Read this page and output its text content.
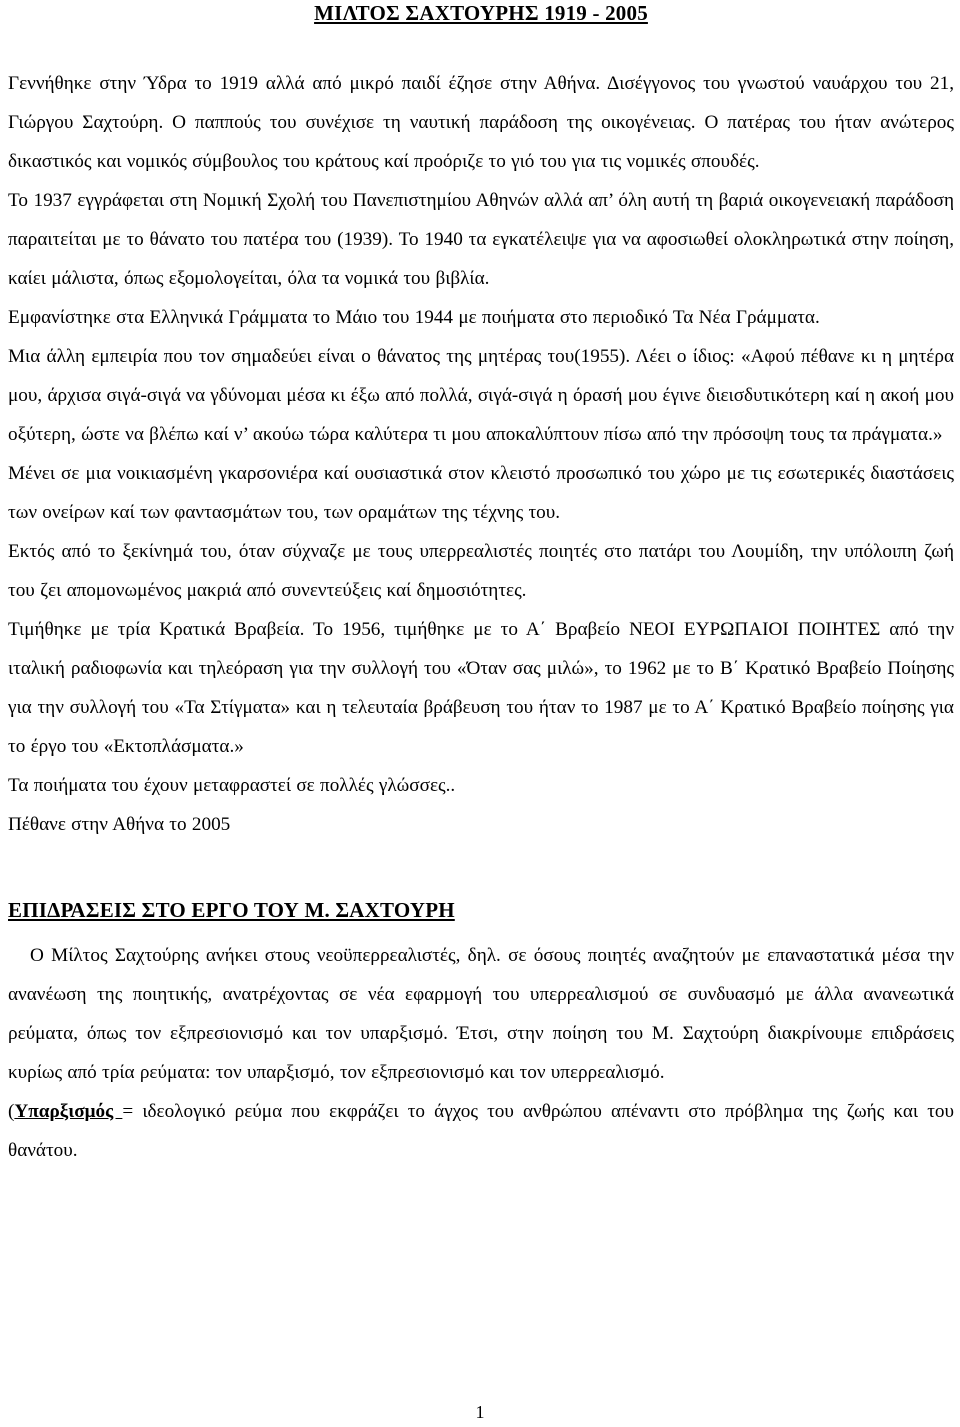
ΜΙΛΤΟΣ ΣΑΧΤΟΥΡΗΣ 1919 - 2005

Γεννήθηκε στην Ύδρα το 1919 αλλά από μικρό παιδί έζησε στην Αθήνα. Δισέγγονος του γνωστού ναυάρχου του 21, Γιώργου Σαχτούρη. Ο παππούς του συνέχισε τη ναυτική παράδοση της οικογένειας. Ο πατέρας του ήταν ανώτερος δικαστικός και νομικός σύμβουλος του κράτους καί προόριζε το γιό του για τις νομικές σπουδές.

Το 1937 εγγράφεται στη Νομική Σχολή του Πανεπιστημίου Αθηνών αλλά απ’ όλη αυτή τη βαριά οικογενειακή παράδοση παραιτείται με το θάνατο του πατέρα του (1939). Το 1940 τα εγκατέλειψε για να αφοσιωθεί ολοκληρωτικά στην ποίηση, καίει μάλιστα, όπως εξομολογείται, όλα τα νομικά του βιβλία.

Εμφανίστηκε στα Ελληνικά Γράμματα το Μάιο του 1944 με ποιήματα στο περιοδικό Τα Νέα Γράμματα.

Μια άλλη εμπειρία που τον σημαδεύει είναι ο θάνατος της μητέρας του(1955). Λέει ο ίδιος: «Αφού πέθανε κι η μητέρα μου, άρχισα σιγά-σιγά να γδύνομαι μέσα κι έξω από πολλά, σιγά-σιγά η όρασή μου έγινε διεισδυτικότερη καί η ακοή μου οξύτερη, ώστε να βλέπω καί ν’ ακούω τώρα καλύτερα τι μου αποκαλύπτουν πίσω από την πρόσοψη τους τα πράγματα.»

Μένει σε μια νοικιασμένη γκαρσονιέρα καί ουσιαστικά στον κλειστό προσωπικό του χώρο με τις εσωτερικές διαστάσεις των ονείρων καί των φαντασμάτων του, των οραμάτων της τέχνης του.

Εκτός από το ξεκίνημά του, όταν σύχναζε με τους υπερρεαλιστές ποιητές στο πατάρι του Λουμίδη, την υπόλοιπη ζωή του ζει απομονωμένος μακριά από συνεντεύξεις καί δημοσιότητες.

Τιμήθηκε με τρία Κρατικά Βραβεία. Το 1956, τιμήθηκε με το Α΄ Βραβείο ΝΕΟΙ ΕΥΡΩΠΑΙΟΙ ΠΟΙΗΤΕΣ από την ιταλική ραδιοφωνία και τηλεόραση για την συλλογή του «Όταν σας μιλώ», το 1962 με το Β΄ Κρατικό Βραβείο Ποίησης για την συλλογή του «Τα Στίγματα» και η τελευταία βράβευση του ήταν το 1987 με το Α΄ Κρατικό Βραβείο ποίησης για το έργο του «Εκτοπλάσματα.»

Τα ποιήματα του έχουν μεταφραστεί σε πολλές γλώσσες..

Πέθανε στην Αθήνα το 2005

ΕΠΙΔΡΑΣΕΙΣ ΣΤΟ ΕΡΓΟ ΤΟΥ Μ. ΣΑΧΤΟΥΡΗ

Ο Μίλτος Σαχτούρης ανήκει στους νεοϋπερρεαλιστές, δηλ. σε όσους ποιητές αναζητούν με επαναστατικά μέσα την ανανέωση της ποιητικής, ανατρέχοντας σε νέα εφαρμογή του υπερρεαλισμού σε συνδυασμό με άλλα ανανεωτικά ρεύματα, όπως τον εξπρεσιονισμό και τον υπαρξισμό. Έτσι, στην ποίηση του Μ. Σαχτούρη διακρίνουμε επιδράσεις κυρίως από τρία ρεύματα: τον υπαρξισμό, τον εξπρεσιονισμό και τον υπερρεαλισμό.

(Υπαρξισμός = ιδεολογικό ρεύμα που εκφράζει το άγχος του ανθρώπου απέναντι στο πρόβλημα της ζωής και του θανάτου.

1
